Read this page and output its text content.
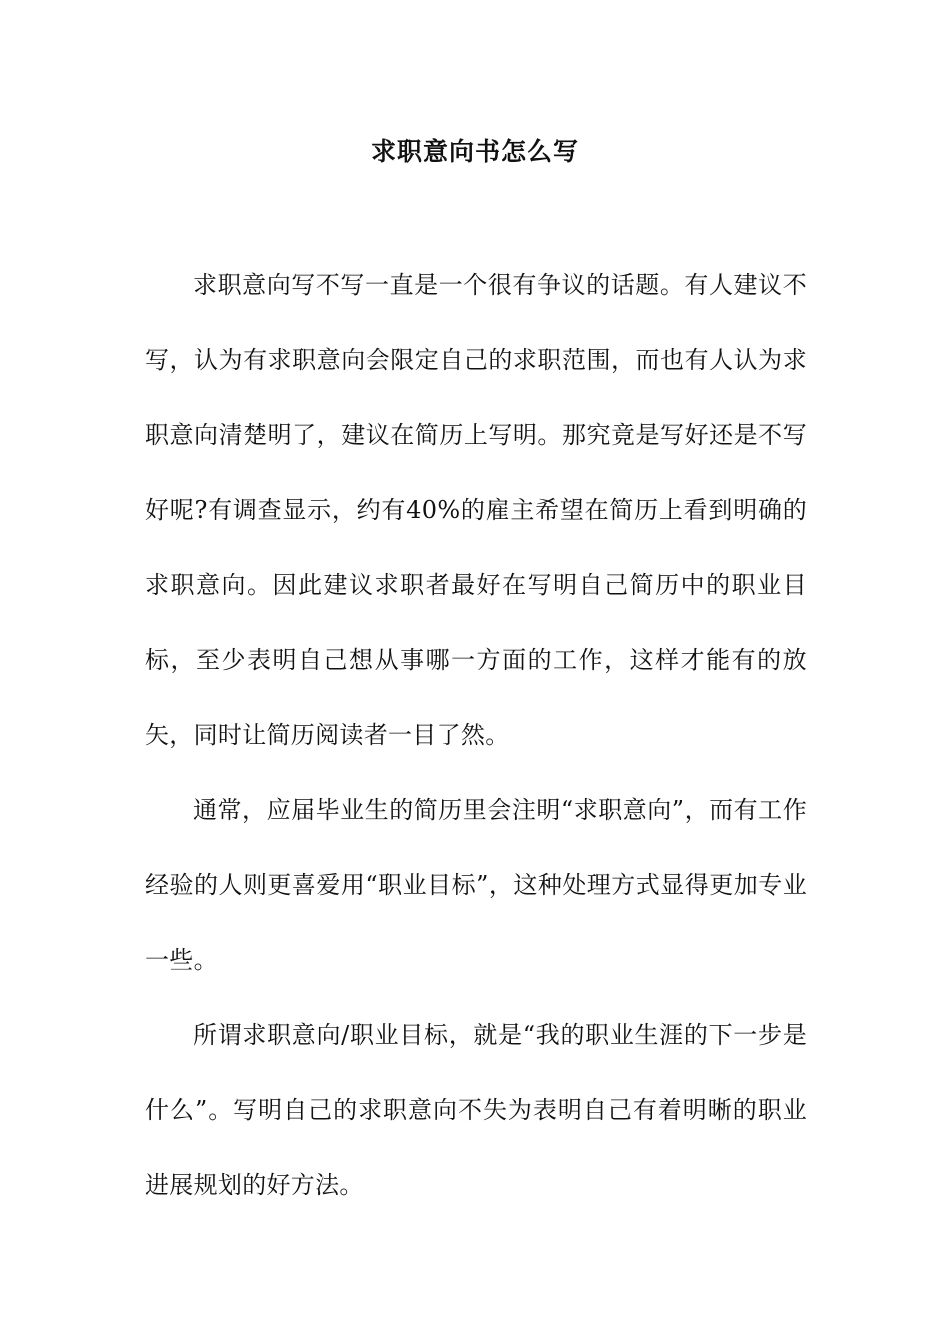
求职意向书怎么写

求职意向写不写一直是一个很有争议的话题。有人建议不写，认为有求职意向会限定自己的求职范围，而也有人认为求职意向清楚明了，建议在简历上写明。那究竟是写好还是不写好呢?有调查显示，约有40%的雇主希望在简历上看到明确的求职意向。因此建议求职者最好在写明自己简历中的职业目标，至少表明自己想从事哪一方面的工作，这样才能有的放矢，同时让简历阅读者一目了然。

通常，应届毕业生的简历里会注明“求职意向”，而有工作经验的人则更喜爱用“职业目标”，这种处理方式显得更加专业一些。

所谓求职意向/职业目标，就是“我的职业生涯的下一步是什么”。写明自己的求职意向不失为表明自己有着明晰的职业进展规划的好方法。
